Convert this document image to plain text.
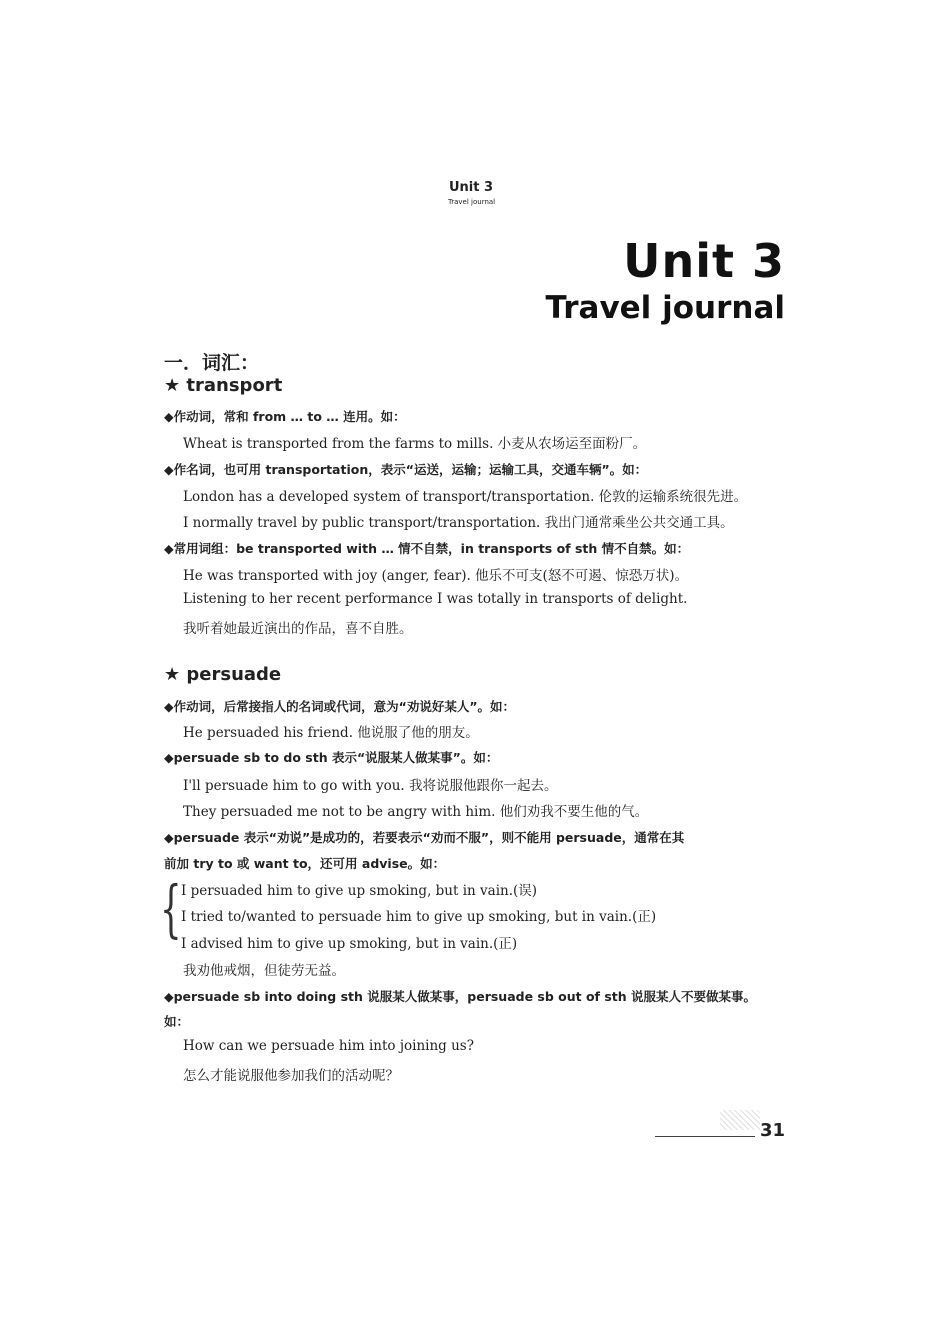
Unit 3
Travel journal
Unit 3
Travel journal
一．词汇：
★ transport
◆作动词，常和 from … to … 连用。如：
Wheat is transported from the farms to mills. 小麦从农场运至面粉厂。
◆作名词，也可用 transportation，表示“运送，运输；运输工具，交通车辆”。如：
London has a developed system of transport/transportation. 伦敦的运输系统很先进。
I normally travel by public transport/transportation. 我出门通常乘坐公共交通工具。
◆常用词组：be transported with … 情不自禁，in transports of sth 情不自禁。如：
He was transported with joy (anger, fear). 他乐不可支(怒不可遏、惊恐万状)。
Listening to her recent performance I was totally in transports of delight.
我听着她最近演出的作品，喜不自胜。
★ persuade
◆作动词，后常接指人的名词或代词，意为“劝说好某人”。如：
He persuaded his friend. 他说服了他的朋友。
◆persuade sb to do sth 表示“说服某人做某事”。如：
I'll persuade him to go with you. 我将说服他跟你一起去。
They persuaded me not to be angry with him. 他们劝我不要生他的气。
◆persuade 表示“劝说”是成功的，若要表示“劝而不服”，则不能用 persuade，通常在其
前加 try to 或 want to，还可用 advise。如：
{ I persuaded him to give up smoking, but in vain.(误)
I tried to/wanted to persuade him to give up smoking, but in vain.(正)
I advised him to give up smoking, but in vain.(正)
我劝他戒烟，但徒劳无益。
◆persuade sb into doing sth 说服某人做某事，persuade sb out of sth 说服某人不要做某事。
如：
How can we persuade him into joining us?
怎么才能说服他参加我们的活动呢？
31
